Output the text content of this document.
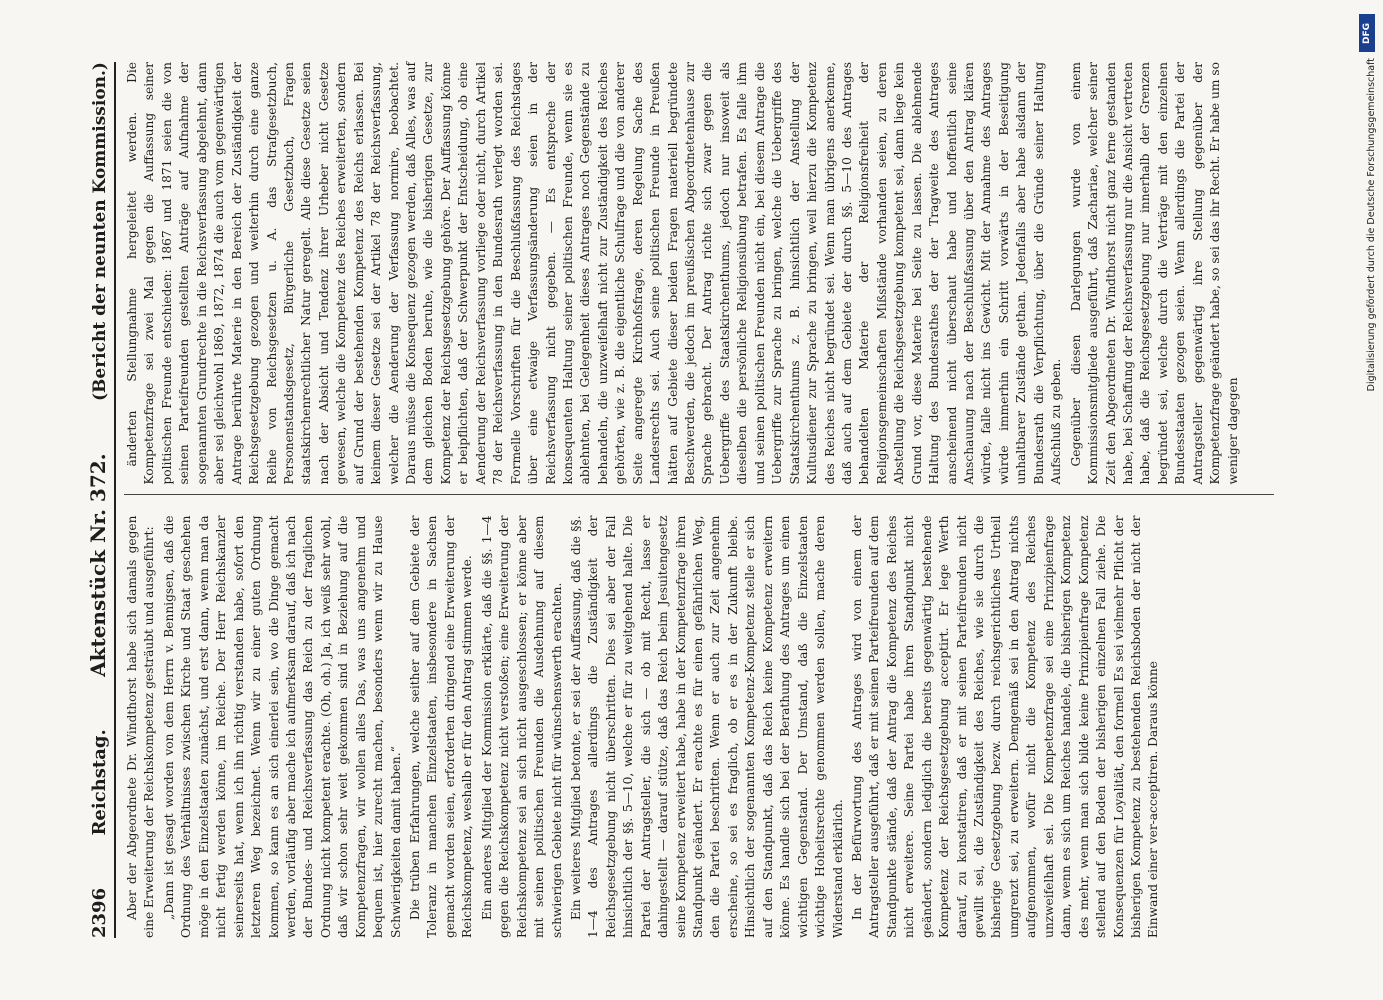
2396
Reichstag.
Aktenstück Nr. 372.
(Bericht der neunten Kommission.)

Aber der Abgeordnete Dr. Windthorst habe sich damals gegen eine Erweiterung der Reichskompetenz gesträubt und ausgeführt: „Dann ist gesagt worden von dem Herrn v. Bennigsen, daß die Ordnung des Verhältnisses zwischen Kirche und Staat geschehen möge in den Einzelstaaten zunächst, und erst dann, wenn man da nicht fertig werden könne, im Reiche. Der Herr Reichskanzler seinerseits hat, wenn ich ihn richtig verstanden habe, sofort den letzteren Weg bezeichnet. Wenn wir zu einer guten Ordnung kommen, so kann es an sich einerlei sein, wo die Dinge gemacht werden, vorläufig aber mache ich aufmerksam darauf, daß ich nach der Bundes- und Reichsverfassung das Reich zu der fraglichen Ordnung nicht kompetent erachte. (Oh, oh.) Ja, ich weiß sehr wohl, daß wir schon sehr weit gekommen sind in Beziehung auf die Kompetenzfragen, wir wollen alles Das, was uns angenehm und bequem ist, hier zurecht machen, besonders wenn wir zu Hause Schwierigkeiten damit haben.“ Die trüben Erfahrungen, welche seither auf dem Gebiete der Toleranz in manchen Einzelstaaten, insbesondere in Sachsen gemacht worden seien, erforderten dringend eine Erweiterung der Reichskompetenz, weshalb er für den Antrag stimmen werde. Ein anderes Mitglied der Kommission erklärte, daß die §§. 1—4 gegen die Reichskompetenz nicht verstoßen; eine Erweiterung der Reichskompetenz sei an sich nicht ausgeschlossen; er könne aber mit seinen politischen Freunden die Ausdehnung auf diesem schwierigen Gebiete nicht für wünschenswerth erachten. Ein weiteres Mitglied betonte, er sei der Auffassung, daß die §§. 1—4 des Antrages allerdings die Zuständigkeit der Reichsgesetzgebung nicht überschritten. Dies sei aber der Fall hinsichtlich der §§. 5—10, welche er für zu weitgehend halte. Die Partei der Antragsteller, die sich — ob mit Recht, lasse er dahingestellt — darauf stütze, daß das Reich beim Jesuitengesetz seine Kompetenz erweitert habe, habe in der Kompetenzfrage ihren Standpunkt geändert. Er erachte es für einen gefährlichen Weg, den die Partei beschritten. Wenn er auch zur Zeit angenehm erscheine, so sei es fraglich, ob er es in der Zukunft bleibe. Hinsichtlich der sogenannten Kompetenz-Kompetenz stelle er sich auf den Standpunkt, daß das Reich keine Kompetenz erweitern könne. Es handle sich bei der Berathung des Antrages um einen wichtigen Gegenstand. Der Umstand, daß die Einzelstaaten wichtige Hoheitsrechte genommen werden sollen, mache deren Widerstand erklärlich. In der Befürwortung des Antrages wird von einem der Antragsteller ausgeführt, daß er mit seinen Parteifreunden auf dem Standpunkte stände, daß der Antrag die Kompetenz des Reiches nicht erweitere. Seine Partei habe ihren Standpunkt nicht geändert, sondern lediglich die bereits gegenwärtig bestehende Kompetenz der Reichsgesetzgebung acceptirt. Er lege Werth darauf, zu konstatiren, daß er mit seinen Parteifreunden nicht gewillt sei, die Zuständigkeit des Reiches, wie sie durch die bisherige Gesetzgebung bezw. durch reichsgerichtliches Urtheil umgrenzt sei, zu erweitern. Demgemäß sei in den Antrag nichts aufgenommen, wofür nicht die Kompetenz des Reiches unzweifelhaft sei. Die Kompetenzfrage sei eine Prinzipienfrage dann, wenn es sich um Reiches handele, die bisherigen Kompetenz des mehr, wenn man sich bilde keine Prinzipienfrage Kompetenz stellend auf den Boden der bisherigen einzelnen Fall ziehe. Die Konsequenzen für Loyalität, den formell Es sei vielmehr Pflicht der bisherigen Kompetenz zu bestehenden Reichsboden der nicht der Einwand einer ver-acceptiren. Daraus könne

änderten Stellungnahme hergeleitet werden. Die Kompetenzfrage sei zwei Mal gegen die Auffassung seiner politischen Freunde entschieden: 1867 und 1871 seien die von seinen Parteifreunden gestellten Anträge auf Aufnahme der sogenannten Grundrechte in die Reichsverfassung abgelehnt, dann aber sei gleichwohl 1869, 1872, 1874 die auch vom gegenwärtigen Antrage berührte Materie in den Bereich der Zuständigkeit der Reichsgesetzgebung gezogen und weiterhin durch eine ganze Reihe von Reichsgesetzen u. A. das Strafgesetzbuch, Personenstandsgesetz, Bürgerliche Gesetzbuch, Fragen staatskirchenrechtlicher Natur geregelt. Alle diese Gesetze seien nach der Absicht und Tendenz ihrer Urheber nicht Gesetze gewesen, welche die Kompetenz des Reiches erweiterten, sondern auf Grund der bestehenden Kompetenz des Reichs erlassen. Bei keinem dieser Gesetze sei der Artikel 78 der Reichsverfassung, welcher die Aenderung der Verfassung normire, beobachtet. Daraus müsse die Konsequenz gezogen werden, daß Alles, was auf dem gleichen Boden beruhe, wie die bisherigen Gesetze, zur Kompetenz der Reichsgesetzgebung gehöre. Der Auffassung könne er beipflichten, daß der Schwerpunkt der Entscheidung, ob eine Aenderung der Reichsverfassung vorliege oder nicht, durch Artikel 78 der Reichsverfassung in den Bundesrath verlegt worden sei. Formelle Vorschriften für die Beschlußfassung des Reichstages über eine etwaige Verfassungsänderung seien in der Reichsverfassung nicht gegeben. — Es entspreche der konsequenten Haltung seiner politischen Freunde, wenn sie es ablehnten, bei Gelegenheit dieses Antrages noch Gegenstände zu behandeln, die unzweifelhaft nicht zur Zuständigkeit des Reiches gehörten, wie z. B. die eigentliche Schulfrage und die von anderer Seite angeregte Kirchhofsfrage, deren Regelung Sache des Landesrechts sei. Auch seine politischen Freunde in Preußen hätten auf Gebiete dieser beiden Fragen materiell begründete Beschwerden, die jedoch im preußischen Abgeordnetenhause zur Sprache gebracht. Der Antrag richte sich zwar gegen die Uebergriffe des Staatskirchenthums, jedoch nur insoweit als dieselben die persönliche Religionsübung betrafen. Es falle ihm und seinen politischen Freunden nicht ein, bei diesem Antrage die Uebergriffe zur Sprache zu bringen, welche die Uebergriffe des Staatskirchenthums z. B. hinsichtlich der Anstellung der Kultusdiener zur Sprache zu bringen, weil hierzu die Kompetenz des Reiches nicht begründet sei. Wenn man übrigens anerkenne, daß auch auf dem Gebiete der durch §§. 5—10 des Antrages behandelten Materie der Religionsfreiheit der Religionsgemeinschaften Mißstände vorhanden seien, zu deren Abstellung die Reichsgesetzgebung kompetent sei, dann liege kein Grund vor, diese Materie bei Seite zu lassen. Die ablehnende Haltung des Bundesrathes der der Tragweite des Antrages anscheinend nicht überschaut habe und hoffentlich seine Anschauung nach der Beschlußfassung über den Antrag klären würde, falle nicht ins Gewicht. Mit der Annahme des Antrages würde immerhin ein Schritt vorwärts in der Beseitigung unhaltbarer Zustände gethan. Jedenfalls aber habe alsdann der Bundesrath die Verpflichtung, über die Gründe seiner Haltung Aufschluß zu geben. Gegenüber diesen Darlegungen wurde von einem Kommissionsmitgliede ausgeführt, daß Zachariae, welcher seiner Zeit den Abgeordneten Dr. Windthorst nicht ganz ferne gestanden habe, bei Schaffung der Reichsverfassung nur die Ansicht vertreten habe, daß die Reichsgesetzgebung nur innerhalb der Grenzen begründet sei, welche durch die Verträge mit den einzelnen Bundesstaaten gezogen seien. Wenn allerdings die Partei der Antragsteller gegenwärtig ihre Stellung gegenüber der Kompetenzfrage geändert habe, so sei das ihr Recht. Er habe um so weniger dagegen

DFG
Digitalisierung gefördert durch die Deutsche Forschungsgemeinschaft
